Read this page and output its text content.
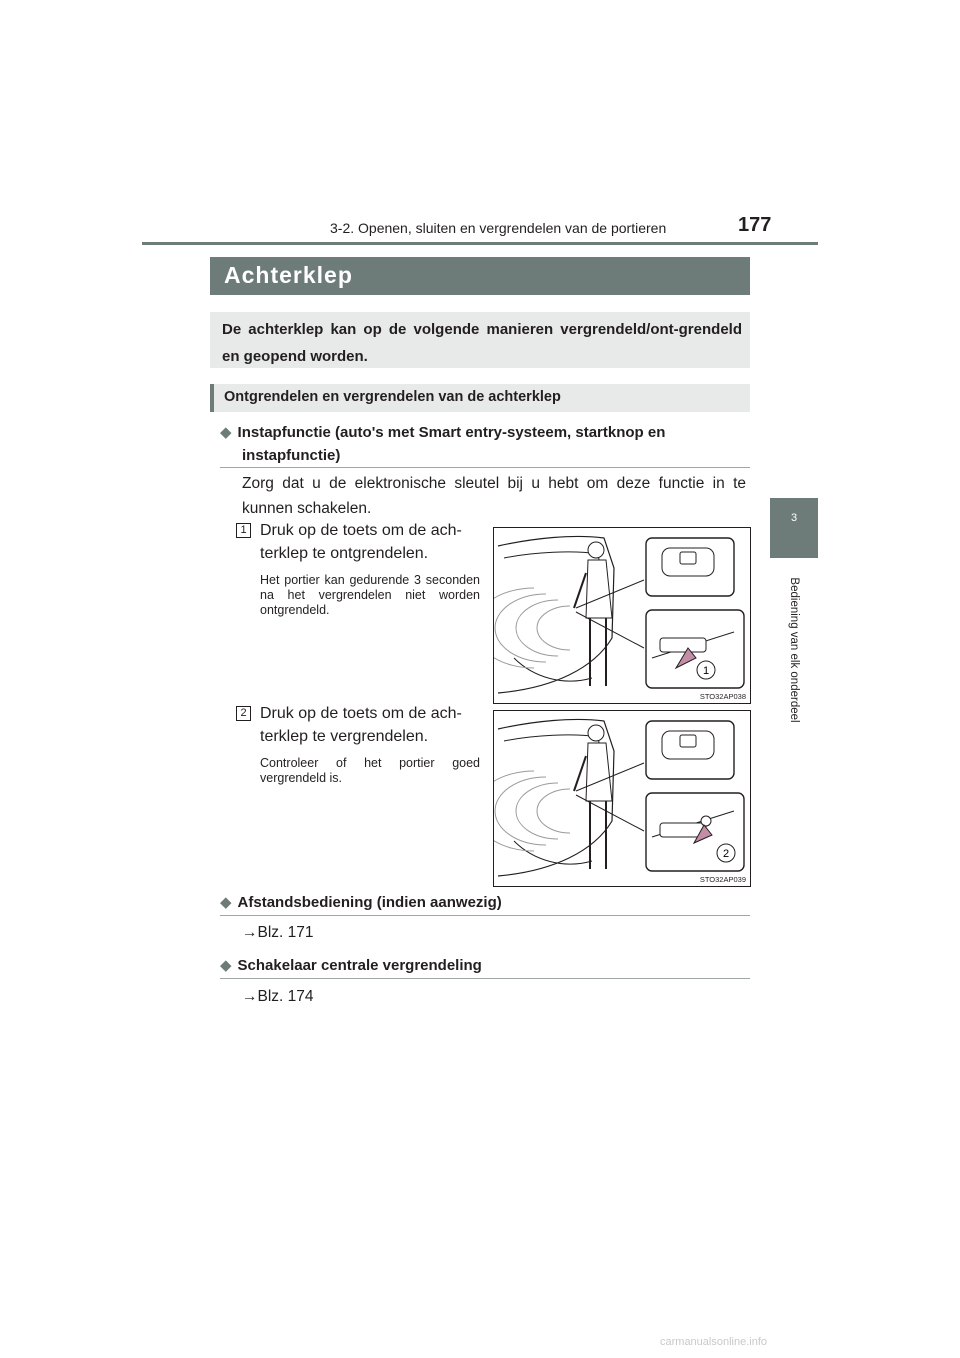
3-2. Openen, sluiten en vergrendelen van de portieren	177
3
Bediening van elk onderdeel
Achterklep
De achterklep kan op de volgende manieren vergrendeld/ont-grendeld en geopend worden.
Ontgrendelen en vergrendelen van de achterklep
◆ Instapfunctie (auto's met Smart entry-systeem, startknop en
instapfunctie)
Zorg dat u de elektronische sleutel bij u hebt om deze functie in te kunnen schakelen.
1 Druk op de toets om de ach-terklep te ontgrendelen.
Het portier kan gedurende 3 seconden na het vergrendelen niet worden ontgrendeld.
1
STO32AP038
2 Druk op de toets om de ach-terklep te vergrendelen.
Controleer of het portier goed vergrendeld is.
2
STO32AP039
◆ Afstandsbediening (indien aanwezig)
→Blz. 171
◆ Schakelaar centrale vergrendeling
→Blz. 174
carmanualsonline.info
